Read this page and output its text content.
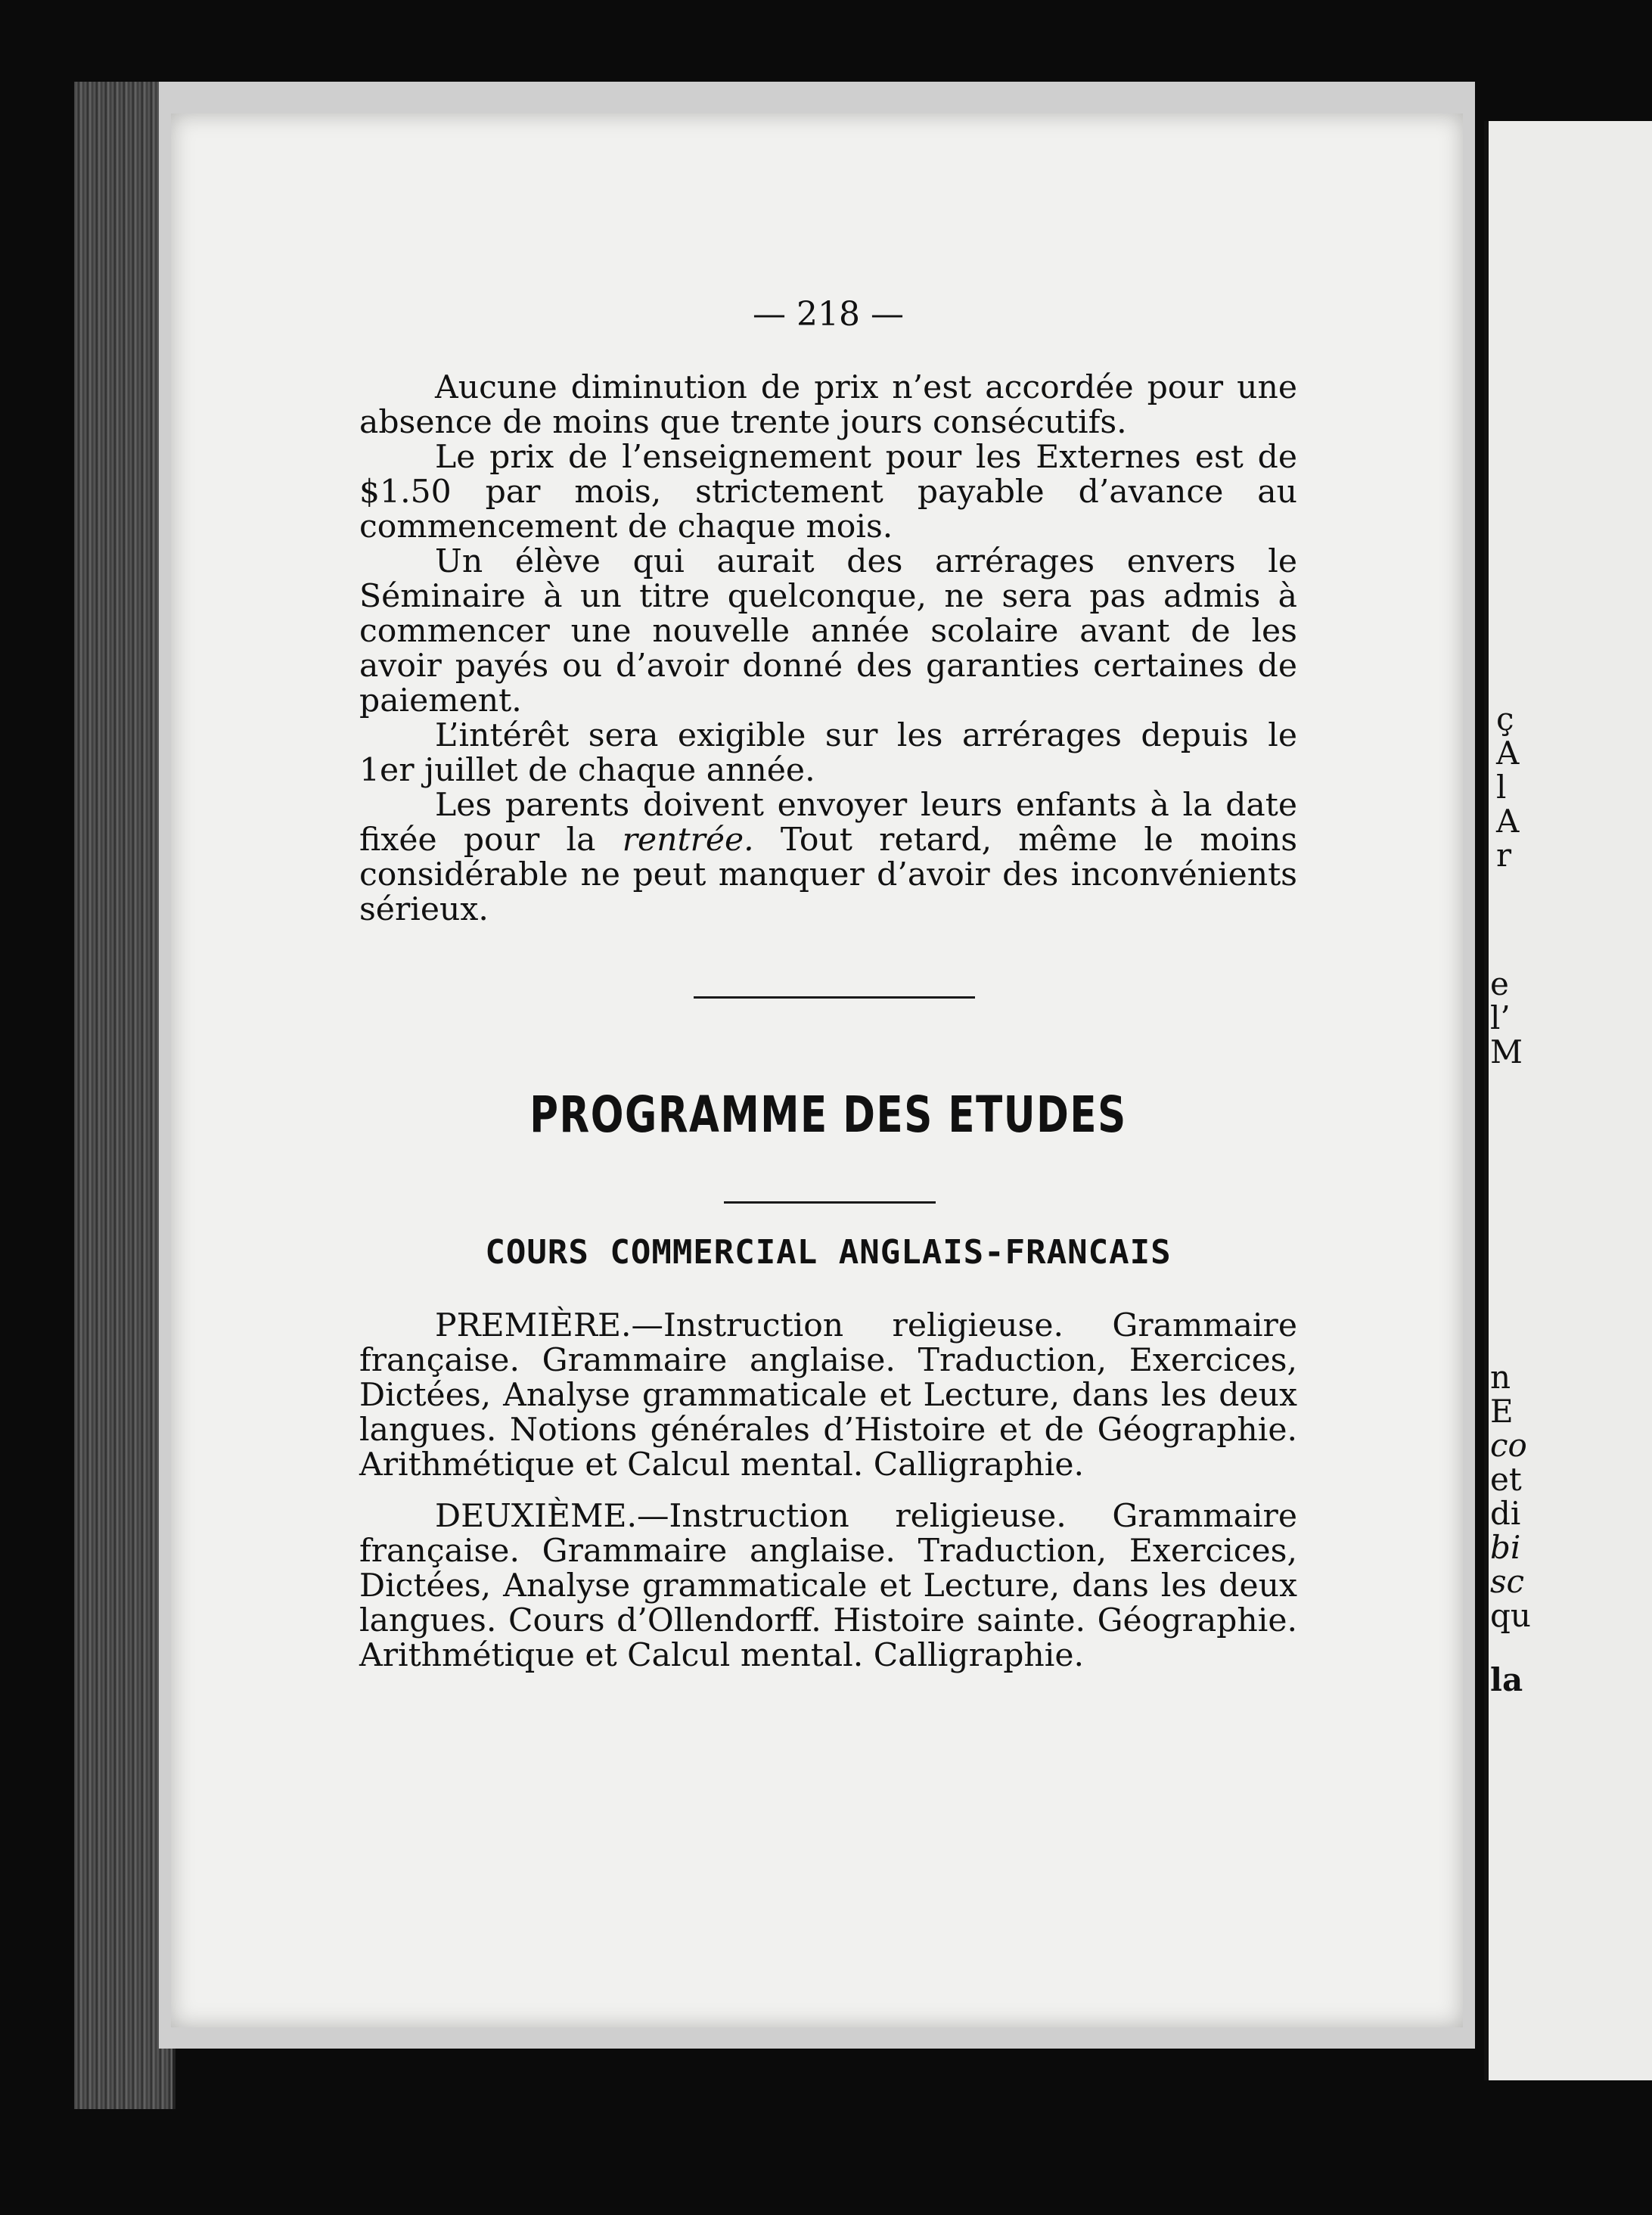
ç
A
l
A
r
e
l’
M
n
E
co
et
di
bi
sc
qu
la
— 218 —

Aucune diminution de prix n’est accordée pour une absence de moins que trente jours consécutifs.

Le prix de l’enseignement pour les Externes est de $1.50 par mois, strictement payable d’avance au commencement de chaque mois.

Un élève qui aurait des arrérages envers le Séminaire à un titre quelconque, ne sera pas admis à commencer une nouvelle année scolaire avant de les avoir payés ou d’avoir donné des garanties certaines de paiement.

L’intérêt sera exigible sur les arrérages depuis le 1er juillet de chaque année.

Les parents doivent envoyer leurs enfants à la date fixée pour la rentrée. Tout retard, même le moins considérable ne peut manquer d’avoir des inconvénients sérieux.

PROGRAMME DES ETUDES
COURS COMMERCIAL ANGLAIS-FRANCAIS

PREMIÈRE.—Instruction religieuse. Grammaire française. Grammaire anglaise. Traduction, Exercices, Dictées, Analyse grammaticale et Lecture, dans les deux langues. Notions générales d’Histoire et de Géographie. Arithmétique et Calcul mental. Calligraphie.

DEUXIÈME.—Instruction religieuse. Grammaire française. Grammaire anglaise. Traduction, Exercices, Dictées, Analyse grammaticale et Lecture, dans les deux langues. Cours d’Ollendorff. Histoire sainte. Géographie. Arithmétique et Calcul mental. Calligraphie.
